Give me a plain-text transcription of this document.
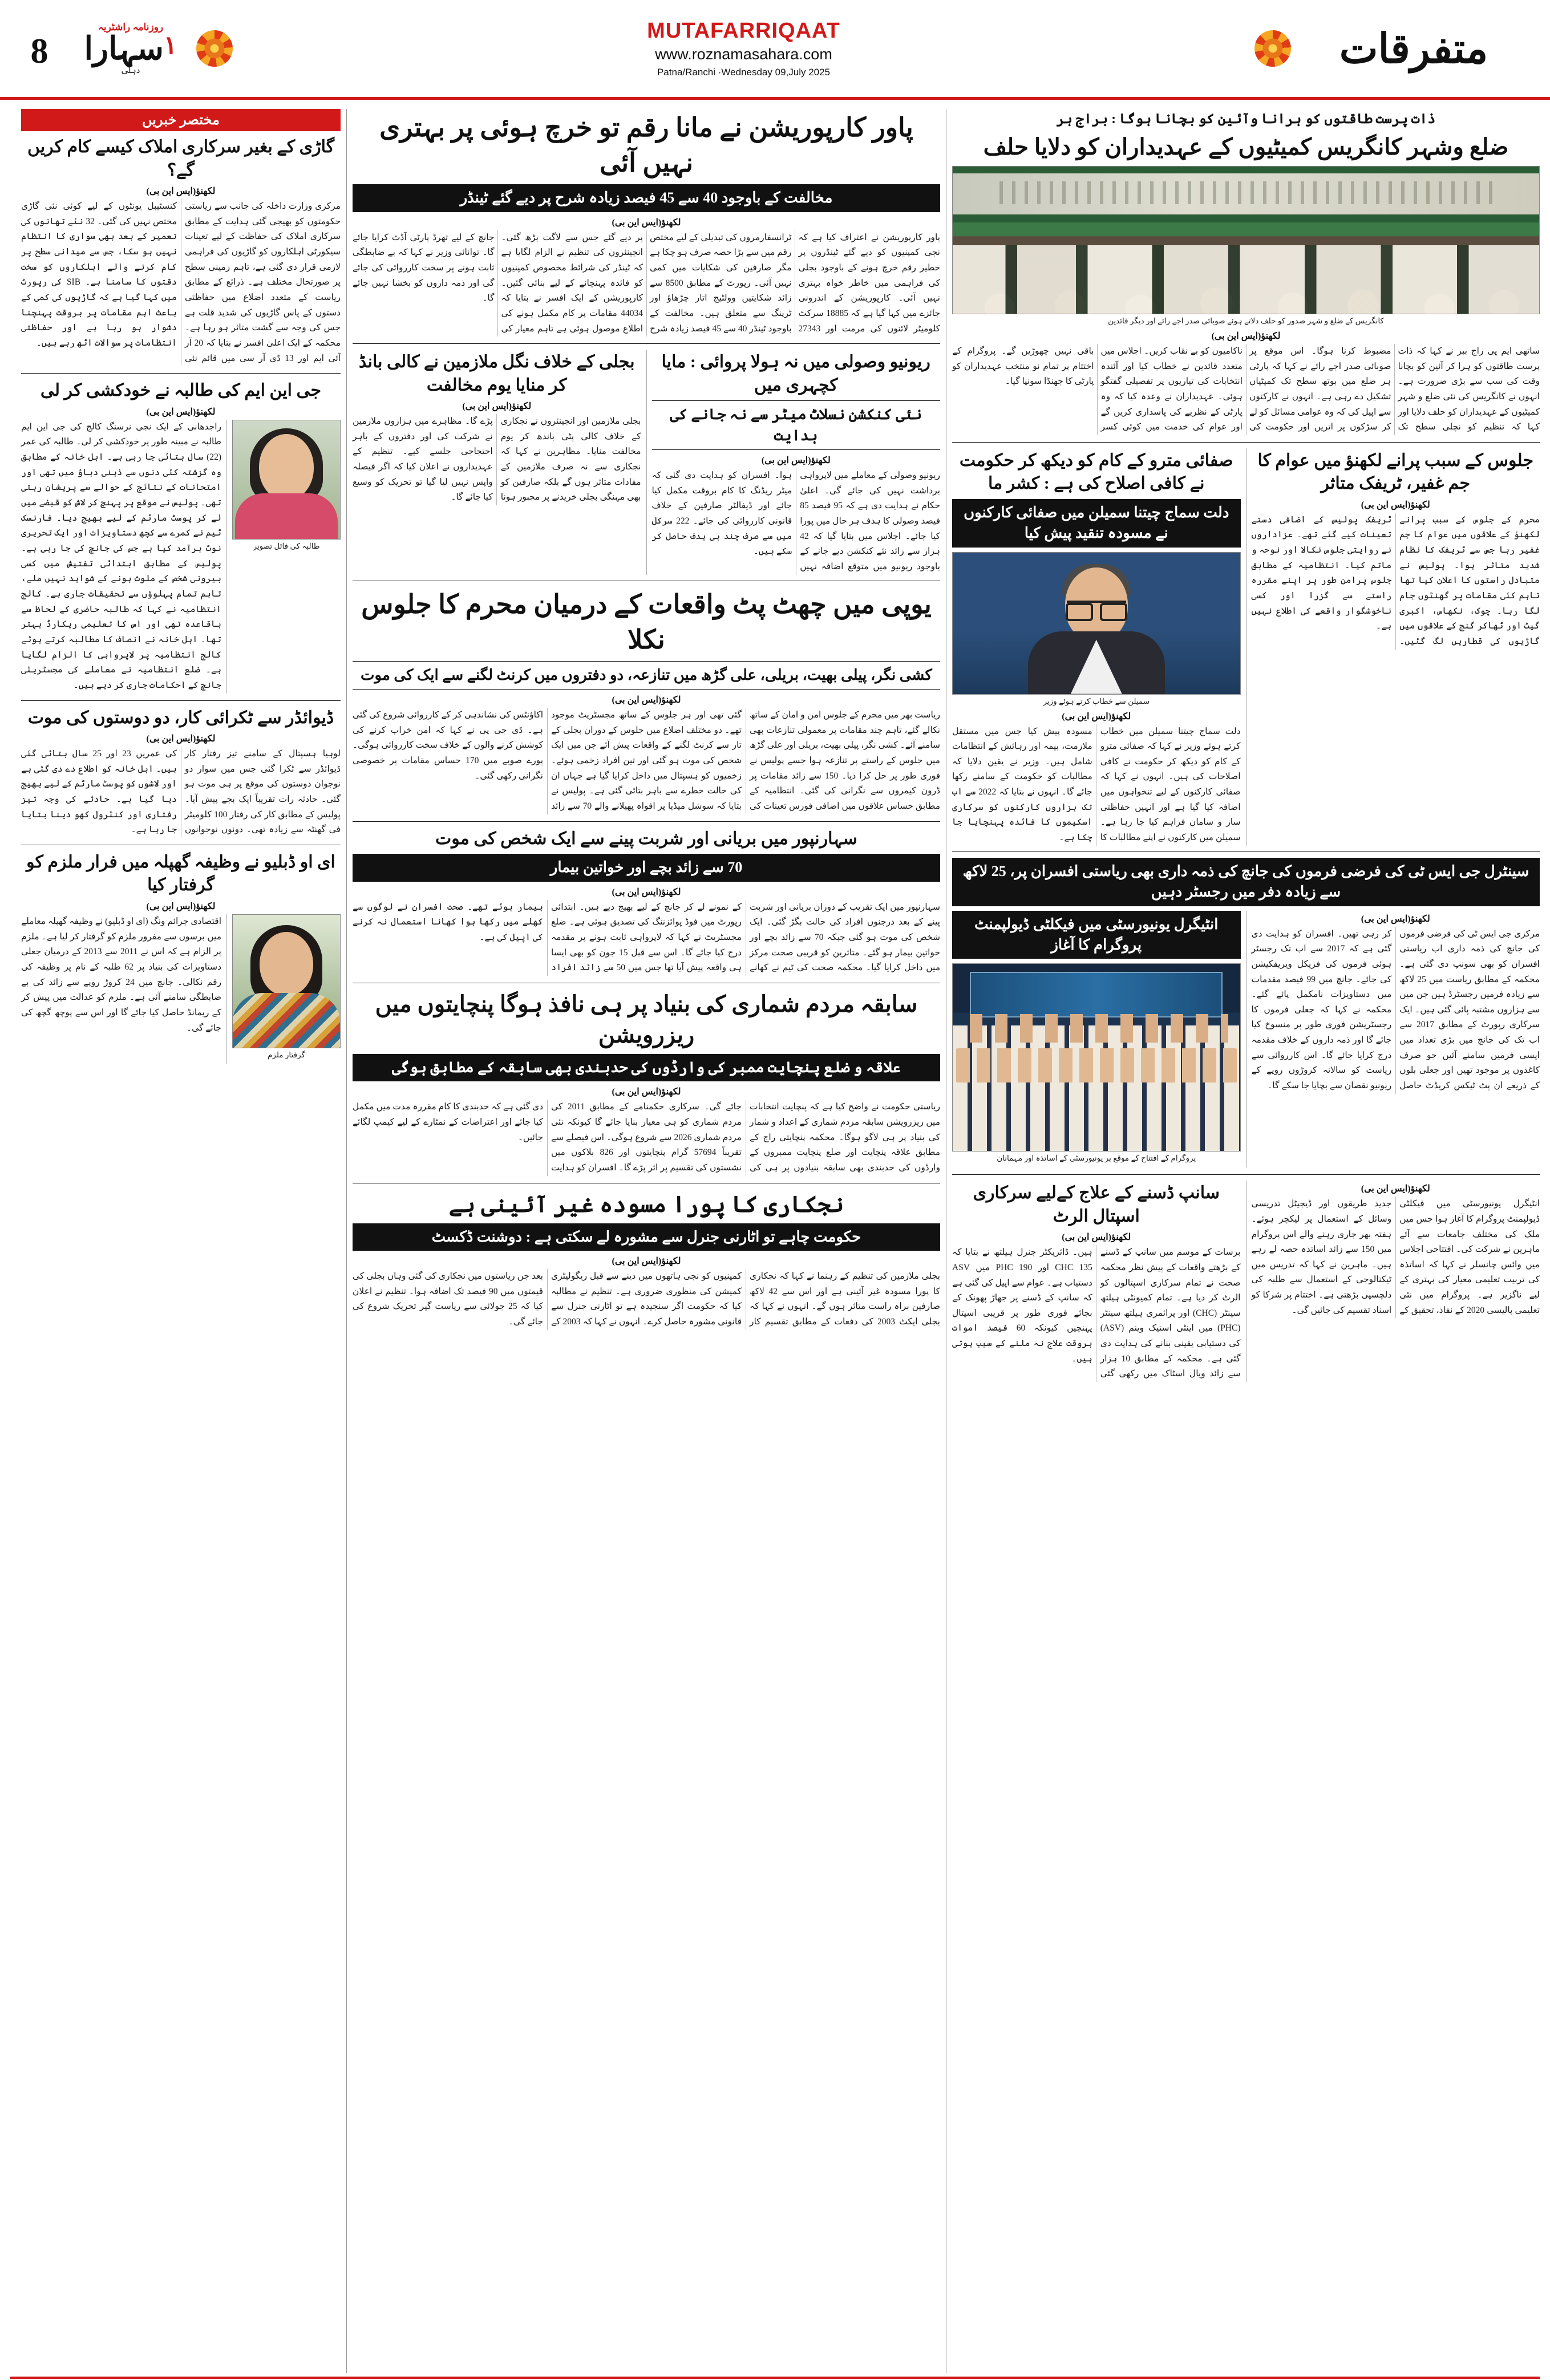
8
روزنامہ راشٹریہ
$^١$سہارا
دہلی
MUTAFARRIQAAT
www.roznamasahara.com
Patna/Ranchi ·Wednesday 09,July 2025
متفرقات
ذات پرست طاقتوں کو ہرانا وآئین کو بچانا ہوگا : براج ہر
ضلع وشہر کانگریس کمیٹیوں کے عہدیداران کو دلایا حلف
کانگریس کے ضلع و شہر صدور کو حلف دلاتے ہوئے صوبائی صدر اجے رائے اور دیگر قائدین
لکھنؤ(ایس این بی)
ساتھی ایم پی راج ببر نے کہا کہ ذات پرست طاقتوں کو ہرا کر آئین کو بچانا وقت کی سب سے بڑی ضرورت ہے۔ انہوں نے کانگریس کی نئی ضلع و شہر کمیٹیوں کے عہدیداران کو حلف دلایا اور کہا کہ تنظیم کو نچلی سطح تک مضبوط کرنا ہوگا۔ اس موقع پر صوبائی صدر اجے رائے نے کہا کہ پارٹی ہر ضلع میں بوتھ سطح تک کمیٹیاں تشکیل دے رہی ہے۔ انہوں نے کارکنوں سے اپیل کی کہ وہ عوامی مسائل کو لے کر سڑکوں پر اتریں اور حکومت کی ناکامیوں کو بے نقاب کریں۔ اجلاس میں متعدد قائدین نے خطاب کیا اور آئندہ انتخابات کی تیاریوں پر تفصیلی گفتگو ہوئی۔ عہدیداران نے وعدہ کیا کہ وہ پارٹی کے نظریے کی پاسداری کریں گے اور عوام کی خدمت میں کوئی کسر باقی نہیں چھوڑیں گے۔ پروگرام کے اختتام پر تمام نو منتخب عہدیداران کو پارٹی کا جھنڈا سونپا گیا۔
جلوس کے سبب پرانے لکھنؤ میں عوام کا جم غفیر، ٹریفک متاثر
لکھنؤ(ایس این بی)
محرم کے جلوس کے سبب پرانے لکھنؤ کے علاقوں میں عوام کا جم غفیر رہا جس سے ٹریفک کا نظام شدید متاثر ہوا۔ پولیس نے متبادل راستوں کا اعلان کیا تھا تاہم کئی مقامات پر گھنٹوں جام لگا رہا۔ چوک، نکھاس، اکبری گیٹ اور ٹھاکر گنج کے علاقوں میں گاڑیوں کی قطاریں لگ گئیں۔ ٹریفک پولیس کے اضافی دستے تعینات کیے گئے تھے۔ عزاداروں نے روایتی جلوس نکالا اور نوحہ و ماتم کیا۔ انتظامیہ کے مطابق جلوس پرامن طور پر اپنے مقررہ راستے سے گزرا اور کسی ناخوشگوار واقعے کی اطلاع نہیں ہے۔
صفائی مترو کے کام کو دیکھ کر حکومت نے کافی اصلاح کی ہے : کشر ما
دلت سماج چیتنا سمیلن میں صفائی کارکنوں نے مسودہ تنقید پیش کیا
سمیلن سے خطاب کرتے ہوئے وزیر
لکھنؤ(ایس این بی)
دلت سماج چیتنا سمیلن میں خطاب کرتے ہوئے وزیر نے کہا کہ صفائی مترو کے کام کو دیکھ کر حکومت نے کافی اصلاحات کی ہیں۔ انہوں نے کہا کہ صفائی کارکنوں کے لیے تنخواہوں میں اضافہ کیا گیا ہے اور انہیں حفاظتی ساز و سامان فراہم کیا جا رہا ہے۔ سمیلن میں کارکنوں نے اپنے مطالبات کا مسودہ پیش کیا جس میں مستقل ملازمت، بیمہ اور رہائش کے انتظامات شامل ہیں۔ وزیر نے یقین دلایا کہ مطالبات کو حکومت کے سامنے رکھا جائے گا۔ انہوں نے بتایا کہ 2022 سے اب تک ہزاروں کارکنوں کو سرکاری اسکیموں کا فائدہ پہنچایا جا چکا ہے۔
سینٹرل جی ایس ٹی کی فرضی فرموں کی جانچ کی ذمہ داری بھی ریاستی افسران پر، 25 لاکھ سے زیادہ دفر میں رجسٹر دہیں
لکھنؤ(ایس این بی)
مرکزی جی ایس ٹی کی فرضی فرموں کی جانچ کی ذمہ داری اب ریاستی افسران کو بھی سونپ دی گئی ہے۔ محکمہ کے مطابق ریاست میں 25 لاکھ سے زیادہ فرمیں رجسٹرڈ ہیں جن میں سے ہزاروں مشتبہ پائی گئی ہیں۔ ایک سرکاری رپورٹ کے مطابق 2017 سے اب تک کی جانچ میں بڑی تعداد میں ایسی فرمیں سامنے آئیں جو صرف کاغذوں پر موجود تھیں اور جعلی بلوں کے ذریعے ان پٹ ٹیکس کریڈٹ حاصل کر رہی تھیں۔ افسران کو ہدایت دی گئی ہے کہ 2017 سے اب تک رجسٹر ہوئی فرموں کی فزیکل ویریفکیشن کی جائے۔ جانچ میں 99 فیصد مقدمات میں دستاویزات نامکمل پائے گئے۔ محکمہ نے کہا کہ جعلی فرموں کا رجسٹریشن فوری طور پر منسوخ کیا جائے گا اور ذمہ داروں کے خلاف مقدمہ درج کرایا جائے گا۔ اس کارروائی سے ریاست کو سالانہ کروڑوں روپے کے ریونیو نقصان سے بچایا جا سکے گا۔
انٹیگرل یونیورسٹی میں فیکلٹی ڈیولپمنٹ پروگرام کا آغاز
پروگرام کے افتتاح کے موقع پر یونیورسٹی کے اساتذہ اور مہمانان
لکھنؤ(ایس این بی)
انٹیگرل یونیورسٹی میں فیکلٹی ڈیولپمنٹ پروگرام کا آغاز ہوا جس میں ملک کی مختلف جامعات سے آئے ماہرین نے شرکت کی۔ افتتاحی اجلاس میں وائس چانسلر نے کہا کہ اساتذہ کی تربیت تعلیمی معیار کی بہتری کے لیے ناگزیر ہے۔ پروگرام میں نئی تعلیمی پالیسی 2020 کے نفاذ، تحقیق کے جدید طریقوں اور ڈیجیٹل تدریسی وسائل کے استعمال پر لیکچر ہوئے۔ ہفتہ بھر جاری رہنے والے اس پروگرام میں 150 سے زائد اساتذہ حصہ لے رہے ہیں۔ ماہرین نے کہا کہ تدریس میں ٹیکنالوجی کے استعمال سے طلبہ کی دلچسپی بڑھتی ہے۔ اختتام پر شرکا کو اسناد تقسیم کی جائیں گی۔
سانپ ڈسنے کے علاج کےلیے سرکاری اسپتال الرٹ
لکھنؤ(ایس این بی)
برسات کے موسم میں سانپ کے ڈسنے کے بڑھتے واقعات کے پیش نظر محکمہ صحت نے تمام سرکاری اسپتالوں کو الرٹ کر دیا ہے۔ تمام کمیونٹی ہیلتھ سینٹر (CHC) اور پرائمری ہیلتھ سینٹر (PHC) میں اینٹی اسنیک وینم (ASV) کی دستیابی یقینی بنانے کی ہدایت دی گئی ہے۔ محکمہ کے مطابق 10 ہزار سے زائد ویال اسٹاک میں رکھی گئی ہیں۔ ڈائریکٹر جنرل ہیلتھ نے بتایا کہ 135 CHC اور 190 PHC میں ASV دستیاب ہے۔ عوام سے اپیل کی گئی ہے کہ سانپ کے ڈسنے پر جھاڑ پھونک کے بجائے فوری طور پر قریبی اسپتال پہنچیں کیونکہ 60 فیصد اموات بروقت علاج نہ ملنے کے سبب ہوتی ہیں۔
پاور کارپوریشن نے مانا رقم تو خرچ ہوئی پر بہتری نہیں آئی
مخالفت کے باوجود 40 سے 45 فیصد زیادہ شرح پر دیے گئے ٹینڈر
لکھنؤ(ایس این بی)
پاور کارپوریشن نے اعتراف کیا ہے کہ نجی کمپنیوں کو دیے گئے ٹینڈروں پر خطیر رقم خرچ ہونے کے باوجود بجلی کی فراہمی میں خاطر خواہ بہتری نہیں آئی۔ کارپوریشن کے اندرونی جائزے میں کہا گیا ہے کہ 18885 سرکٹ کلومیٹر لائنوں کی مرمت اور 27343 ٹرانسفارمروں کی تبدیلی کے لیے مختص رقم میں سے بڑا حصہ صرف ہو چکا ہے مگر صارفین کی شکایات میں کمی نہیں آئی۔ رپورٹ کے مطابق 8500 سے زائد شکایتیں وولٹیج اتار چڑھاؤ اور ٹرپنگ سے متعلق ہیں۔ مخالفت کے باوجود ٹینڈر 40 سے 45 فیصد زیادہ شرح پر دیے گئے جس سے لاگت بڑھ گئی۔ انجینئروں کی تنظیم نے الزام لگایا ہے کہ ٹینڈر کی شرائط مخصوص کمپنیوں کو فائدہ پہنچانے کے لیے بنائی گئیں۔ کارپوریشن کے ایک افسر نے بتایا کہ 44034 مقامات پر کام مکمل ہونے کی اطلاع موصول ہوئی ہے تاہم معیار کی جانچ کے لیے تھرڈ پارٹی آڈٹ کرایا جائے گا۔ توانائی وزیر نے کہا کہ بے ضابطگی ثابت ہونے پر سخت کارروائی کی جائے گی اور ذمہ داروں کو بخشا نہیں جائے گا۔
ریونیو وصولی میں نہ ہولا پروائی : مایا کچہری میں
نئی کنکشن نسلاٹ میٹر سے نہ جانے کی ہدایت
لکھنؤ(ایس این بی)
ریونیو وصولی کے معاملے میں لاپرواہی برداشت نہیں کی جائے گی۔ اعلیٰ حکام نے ہدایت دی ہے کہ 95 فیصد 85 فیصد وصولی کا ہدف ہر حال میں پورا کیا جائے۔ اجلاس میں بتایا گیا کہ 42 ہزار سے زائد نئے کنکشن دیے جانے کے باوجود ریونیو میں متوقع اضافہ نہیں ہوا۔ افسران کو ہدایت دی گئی کہ میٹر ریڈنگ کا کام بروقت مکمل کیا جائے اور ڈیفالٹر صارفین کے خلاف قانونی کارروائی کی جائے۔ 222 سرکل میں سے صرف چند ہی ہدف حاصل کر سکے ہیں۔
بجلی کے خلاف نگل ملازمین نے کالی بانڈ کر منایا یوم مخالفت
لکھنؤ(ایس این بی)
بجلی ملازمین اور انجینئروں نے نجکاری کے خلاف کالی پٹی باندھ کر یوم مخالفت منایا۔ مظاہرین نے کہا کہ نجکاری سے نہ صرف ملازمین کے مفادات متاثر ہوں گے بلکہ صارفین کو بھی مہنگی بجلی خریدنے پر مجبور ہونا پڑے گا۔ مظاہرے میں ہزاروں ملازمین نے شرکت کی اور دفتروں کے باہر احتجاجی جلسے کیے۔ تنظیم کے عہدیداروں نے اعلان کیا کہ اگر فیصلہ واپس نہیں لیا گیا تو تحریک کو وسیع کیا جائے گا۔
یوپی میں چھٹ پٹ واقعات کے درمیان محرم کا جلوس نکلا
کشی نگر، پیلی بھیت، بریلی، علی گڑھ میں تنازعہ، دو دفتروں میں کرنٹ لگنے سے ایک کی موت
لکھنؤ(ایس این بی)
ریاست بھر میں محرم کے جلوس امن و امان کے ساتھ نکالے گئے، تاہم چند مقامات پر معمولی تنازعات بھی سامنے آئے۔ کشی نگر، پیلی بھیت، بریلی اور علی گڑھ میں جلوس کے راستے پر تنازعہ ہوا جسے پولیس نے فوری طور پر حل کرا دیا۔ 150 سے زائد مقامات پر ڈرون کیمروں سے نگرانی کی گئی۔ انتظامیہ کے مطابق حساس علاقوں میں اضافی فورس تعینات کی گئی تھی اور ہر جلوس کے ساتھ مجسٹریٹ موجود تھے۔ دو مختلف اضلاع میں جلوس کے دوران بجلی کے تار سے کرنٹ لگنے کے واقعات پیش آئے جن میں ایک شخص کی موت ہو گئی اور تین افراد زخمی ہوئے۔ زخمیوں کو ہسپتال میں داخل کرایا گیا ہے جہاں ان کی حالت خطرے سے باہر بتائی گئی ہے۔ پولیس نے بتایا کہ سوشل میڈیا پر افواہ پھیلانے والے 70 سے زائد اکاؤنٹس کی نشاندہی کر کے کارروائی شروع کی گئی ہے۔ ڈی جی پی نے کہا کہ امن خراب کرنے کی کوشش کرنے والوں کے خلاف سخت کارروائی ہوگی۔ پورے صوبے میں 170 حساس مقامات پر خصوصی نگرانی رکھی گئی۔
سہارنپور میں بریانی اور شربت پینے سے ایک شخص کی موت
70 سے زائد بچے اور خواتین بیمار
لکھنؤ(ایس این بی)
سہارنپور میں ایک تقریب کے دوران بریانی اور شربت پینے کے بعد درجنوں افراد کی حالت بگڑ گئی۔ ایک شخص کی موت ہو گئی جبکہ 70 سے زائد بچے اور خواتین بیمار ہو گئے۔ متاثرین کو قریبی صحت مرکز میں داخل کرایا گیا۔ محکمہ صحت کی ٹیم نے کھانے کے نمونے لے کر جانچ کے لیے بھیج دیے ہیں۔ ابتدائی رپورٹ میں فوڈ پوائزننگ کی تصدیق ہوئی ہے۔ ضلع مجسٹریٹ نے کہا کہ لاپرواہی ثابت ہونے پر مقدمہ درج کیا جائے گا۔ اس سے قبل 15 جون کو بھی ایسا ہی واقعہ پیش آیا تھا جس میں 50 سے زائد افراد بیمار ہوئے تھے۔ صحت افسران نے لوگوں سے کھلے میں رکھا ہوا کھانا استعمال نہ کرنے کی اپیل کی ہے۔
سابقہ مردم شماری کی بنیاد پر ہی نافذ ہوگا پنچایتوں میں ریزرویشن
علاقہ و ضلع پنچایت ممبر کی وارڈوں کی حدبندی بھی سابقہ کے مطابق ہوگی
لکھنؤ(ایس این بی)
ریاستی حکومت نے واضح کیا ہے کہ پنچایت انتخابات میں ریزرویشن سابقہ مردم شماری کے اعداد و شمار کی بنیاد پر ہی لاگو ہوگا۔ محکمہ پنچایتی راج کے مطابق علاقہ پنچایت اور ضلع پنچایت ممبروں کے وارڈوں کی حدبندی بھی سابقہ بنیادوں پر ہی کی جائے گی۔ سرکاری حکمنامے کے مطابق 2011 کی مردم شماری کو ہی معیار بنایا جائے گا کیونکہ نئی مردم شماری 2026 سے شروع ہوگی۔ اس فیصلے سے تقریباً 57694 گرام پنچایتوں اور 826 بلاکوں میں نشستوں کی تقسیم پر اثر پڑے گا۔ افسران کو ہدایت دی گئی ہے کہ حدبندی کا کام مقررہ مدت میں مکمل کیا جائے اور اعتراضات کے نمٹارے کے لیے کیمپ لگائے جائیں۔
نجکاری کا پورا مسودہ غیر آئینی ہے
حکومت چاہے تو اٹارنی جنرل سے مشورہ لے سکتی ہے : دوشنت ڈکسٹ
لکھنؤ(ایس این بی)
بجلی ملازمین کی تنظیم کے رہنما نے کہا کہ نجکاری کا پورا مسودہ غیر آئینی ہے اور اس سے 42 لاکھ صارفین براہ راست متاثر ہوں گے۔ انہوں نے کہا کہ بجلی ایکٹ 2003 کی دفعات کے مطابق تقسیم کار کمپنیوں کو نجی ہاتھوں میں دینے سے قبل ریگولیٹری کمیشن کی منظوری ضروری ہے۔ تنظیم نے مطالبہ کیا کہ حکومت اگر سنجیدہ ہے تو اٹارنی جنرل سے قانونی مشورہ حاصل کرے۔ انہوں نے کہا کہ 2003 کے بعد جن ریاستوں میں نجکاری کی گئی وہاں بجلی کی قیمتوں میں 90 فیصد تک اضافہ ہوا۔ تنظیم نے اعلان کیا کہ 25 جولائی سے ریاست گیر تحریک شروع کی جائے گی۔
مختصر خبریں
گاڑی کے بغیر سرکاری املاک کیسے کام کریں گے؟
لکھنؤ(ایس این بی)
مرکزی وزارت داخلہ کی جانب سے ریاستی حکومتوں کو بھیجی گئی ہدایت کے مطابق سرکاری املاک کی حفاظت کے لیے تعینات سیکورٹی اہلکاروں کو گاڑیوں کی فراہمی لازمی قرار دی گئی ہے، تاہم زمینی سطح پر صورتحال مختلف ہے۔ ذرائع کے مطابق ریاست کے متعدد اضلاع میں حفاظتی دستوں کے پاس گاڑیوں کی شدید قلت ہے جس کی وجہ سے گشت متاثر ہو رہا ہے۔ محکمہ کے ایک اعلیٰ افسر نے بتایا کہ 20 آر آئی ایم اور 13 ڈی آر سی میں قائم نئی کنسٹیبل یونٹوں کے لیے کوئی نئی گاڑی مختص نہیں کی گئی۔ 32 نئے تھانوں کی تعمیر کے بعد بھی سواری کا انتظام نہیں ہو سکا، جس سے میدانی سطح پر کام کرنے والے اہلکاروں کو سخت دقتوں کا سامنا ہے۔ SIB کی رپورٹ میں کہا گیا ہے کہ گاڑیوں کی کمی کے باعث اہم مقامات پر بروقت پہنچنا دشوار ہو رہا ہے اور حفاظتی انتظامات پر سوالات اٹھ رہے ہیں۔
جی این ایم کی طالبہ نے خودکشی کر لی
لکھنؤ(ایس این بی)
طالبہ کی فائل تصویر
راجدھانی کے ایک نجی نرسنگ کالج کی جی این ایم طالبہ نے مبینہ طور پر خودکشی کر لی۔ طالبہ کی عمر (22) سال بتائی جا رہی ہے۔ اہل خانہ کے مطابق وہ گزشتہ کئی دنوں سے ذہنی دباؤ میں تھی اور امتحانات کے نتائج کے حوالے سے پریشان رہتی تھی۔ پولیس نے موقع پر پہنچ کر لاش کو قبضے میں لے کر پوسٹ مارٹم کے لیے بھیج دیا۔ فارنسک ٹیم نے کمرے سے کچھ دستاویزات اور ایک تحریری نوٹ برآمد کیا ہے جس کی جانچ کی جا رہی ہے۔ پولیس کے مطابق ابتدائی تفتیش میں کسی بیرونی شخص کے ملوث ہونے کے شواہد نہیں ملے، تاہم تمام پہلوؤں سے تحقیقات جاری ہے۔ کالج انتظامیہ نے کہا کہ طالبہ حاضری کے لحاظ سے باقاعدہ تھی اور اس کا تعلیمی ریکارڈ بہتر تھا۔ اہل خانہ نے انصاف کا مطالبہ کرتے ہوئے کالج انتظامیہ پر لاپرواہی کا الزام لگایا ہے۔ ضلع انتظامیہ نے معاملے کی مجسٹریٹی جانچ کے احکامات جاری کر دیے ہیں۔
ڈیوائڈر سے ٹکرائی کار، دو دوستوں کی موت
لکھنؤ(ایس این بی)
لوہیا ہسپتال کے سامنے تیز رفتار کار ڈیوائڈر سے ٹکرا گئی جس میں سوار دو نوجوان دوستوں کی موقع پر ہی موت ہو گئی۔ حادثہ رات تقریباً ایک بجے پیش آیا۔ پولیس کے مطابق کار کی رفتار 100 کلومیٹر فی گھنٹہ سے زیادہ تھی۔ دونوں نوجوانوں کی عمریں 23 اور 25 سال بتائی گئی ہیں۔ اہل خانہ کو اطلاع دے دی گئی ہے اور لاشوں کو پوسٹ مارٹم کے لیے بھیج دیا گیا ہے۔ حادثے کی وجہ تیز رفتاری اور کنٹرول کھو دینا بتایا جا رہا ہے۔
ای او ڈبلیو نے وظیفہ گھپلہ میں فرار ملزم کو گرفتار کیا
لکھنؤ(ایس این بی)
گرفتار ملزم
اقتصادی جرائم ونگ (ای او ڈبلیو) نے وظیفہ گھپلہ معاملے میں برسوں سے مفرور ملزم کو گرفتار کر لیا ہے۔ ملزم پر الزام ہے کہ اس نے 2011 سے 2013 کے درمیان جعلی دستاویزات کی بنیاد پر 62 طلبہ کے نام پر وظیفہ کی رقم نکالی۔ جانچ میں 24 کروڑ روپے سے زائد کی بے ضابطگی سامنے آئی ہے۔ ملزم کو عدالت میں پیش کر کے ریمانڈ حاصل کیا جائے گا اور اس سے پوچھ گچھ کی جائے گی۔
